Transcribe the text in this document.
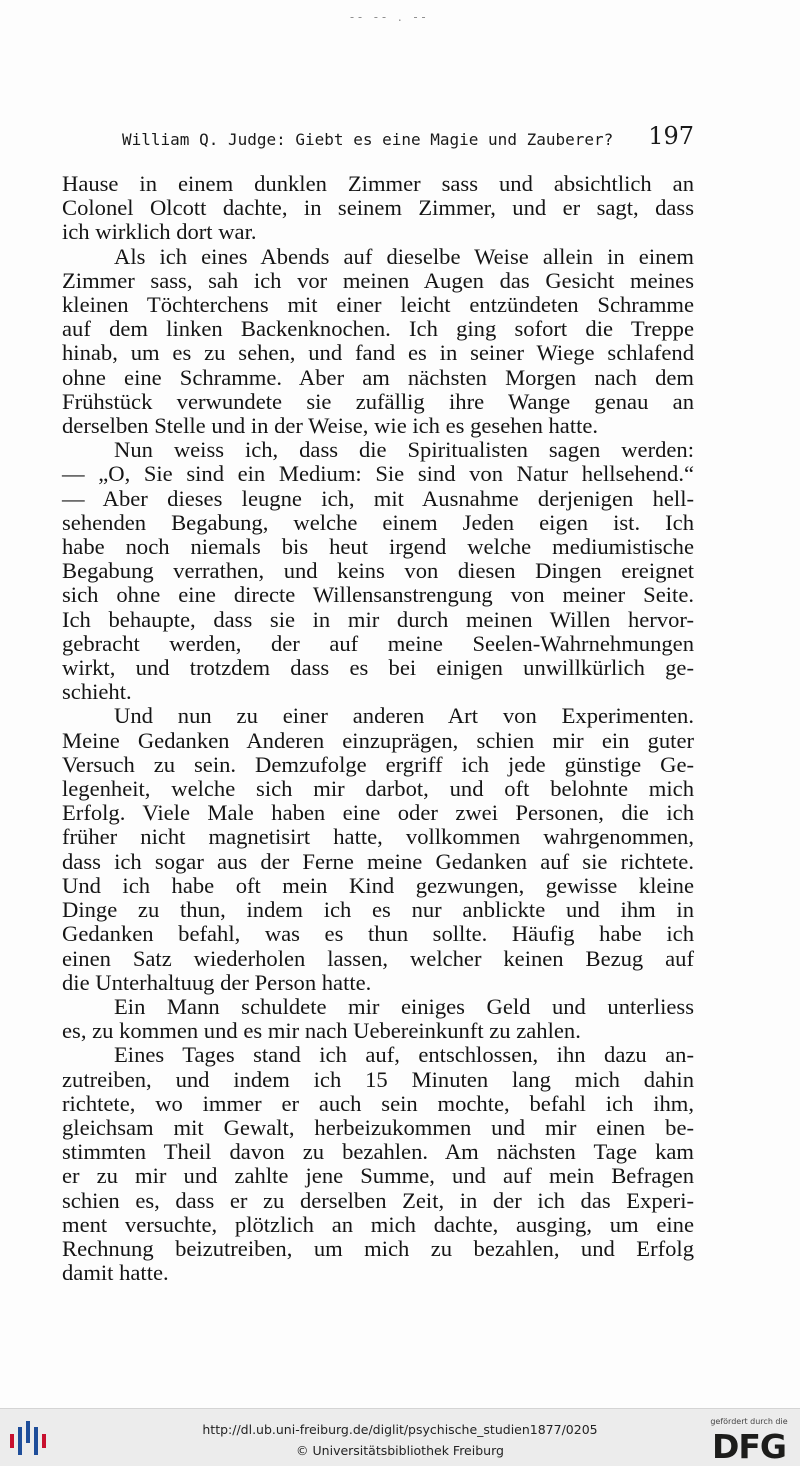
-- -- . --
William Q. Judge: Giebt es eine Magie und Zauberer? 197
Hause in einem dunklen Zimmer sass und absichtlich an
Colonel Olcott dachte, in seinem Zimmer, und er sagt, dass
ich wirklich dort war.
Als ich eines Abends auf dieselbe Weise allein in einem
Zimmer sass, sah ich vor meinen Augen das Gesicht meines
kleinen Töchterchens mit einer leicht entzündeten Schramme
auf dem linken Backenknochen. Ich ging sofort die Treppe
hinab, um es zu sehen, und fand es in seiner Wiege schlafend
ohne eine Schramme. Aber am nächsten Morgen nach dem
Frühstück verwundete sie zufällig ihre Wange genau an
derselben Stelle und in der Weise, wie ich es gesehen hatte.
Nun weiss ich, dass die Spiritualisten sagen werden:
— „O, Sie sind ein Medium: Sie sind von Natur hellsehend.“
— Aber dieses leugne ich, mit Ausnahme derjenigen hell-
sehenden Begabung, welche einem Jeden eigen ist. Ich
habe noch niemals bis heut irgend welche mediumistische
Begabung verrathen, und keins von diesen Dingen ereignet
sich ohne eine directe Willensanstrengung von meiner Seite.
Ich behaupte, dass sie in mir durch meinen Willen hervor-
gebracht werden, der auf meine Seelen-Wahrnehmungen
wirkt, und trotzdem dass es bei einigen unwillkürlich ge-
schieht.
Und nun zu einer anderen Art von Experimenten.
Meine Gedanken Anderen einzuprägen, schien mir ein guter
Versuch zu sein. Demzufolge ergriff ich jede günstige Ge-
legenheit, welche sich mir darbot, und oft belohnte mich
Erfolg. Viele Male haben eine oder zwei Personen, die ich
früher nicht magnetisirt hatte, vollkommen wahrgenommen,
dass ich sogar aus der Ferne meine Gedanken auf sie richtete.
Und ich habe oft mein Kind gezwungen, gewisse kleine
Dinge zu thun, indem ich es nur anblickte und ihm in
Gedanken befahl, was es thun sollte. Häufig habe ich
einen Satz wiederholen lassen, welcher keinen Bezug auf
die Unterhaltuug der Person hatte.
Ein Mann schuldete mir einiges Geld und unterliess
es, zu kommen und es mir nach Uebereinkunft zu zahlen.
Eines Tages stand ich auf, entschlossen, ihn dazu an-
zutreiben, und indem ich 15 Minuten lang mich dahin
richtete, wo immer er auch sein mochte, befahl ich ihm,
gleichsam mit Gewalt, herbeizukommen und mir einen be-
stimmten Theil davon zu bezahlen. Am nächsten Tage kam
er zu mir und zahlte jene Summe, und auf mein Befragen
schien es, dass er zu derselben Zeit, in der ich das Experi-
ment versuchte, plötzlich an mich dachte, ausging, um eine
Rechnung beizutreiben, um mich zu bezahlen, und Erfolg
damit hatte.
http://dl.ub.uni-freiburg.de/diglit/psychische_studien1877/0205
© Universitätsbibliothek Freiburg
gefördert durch die
DFG
